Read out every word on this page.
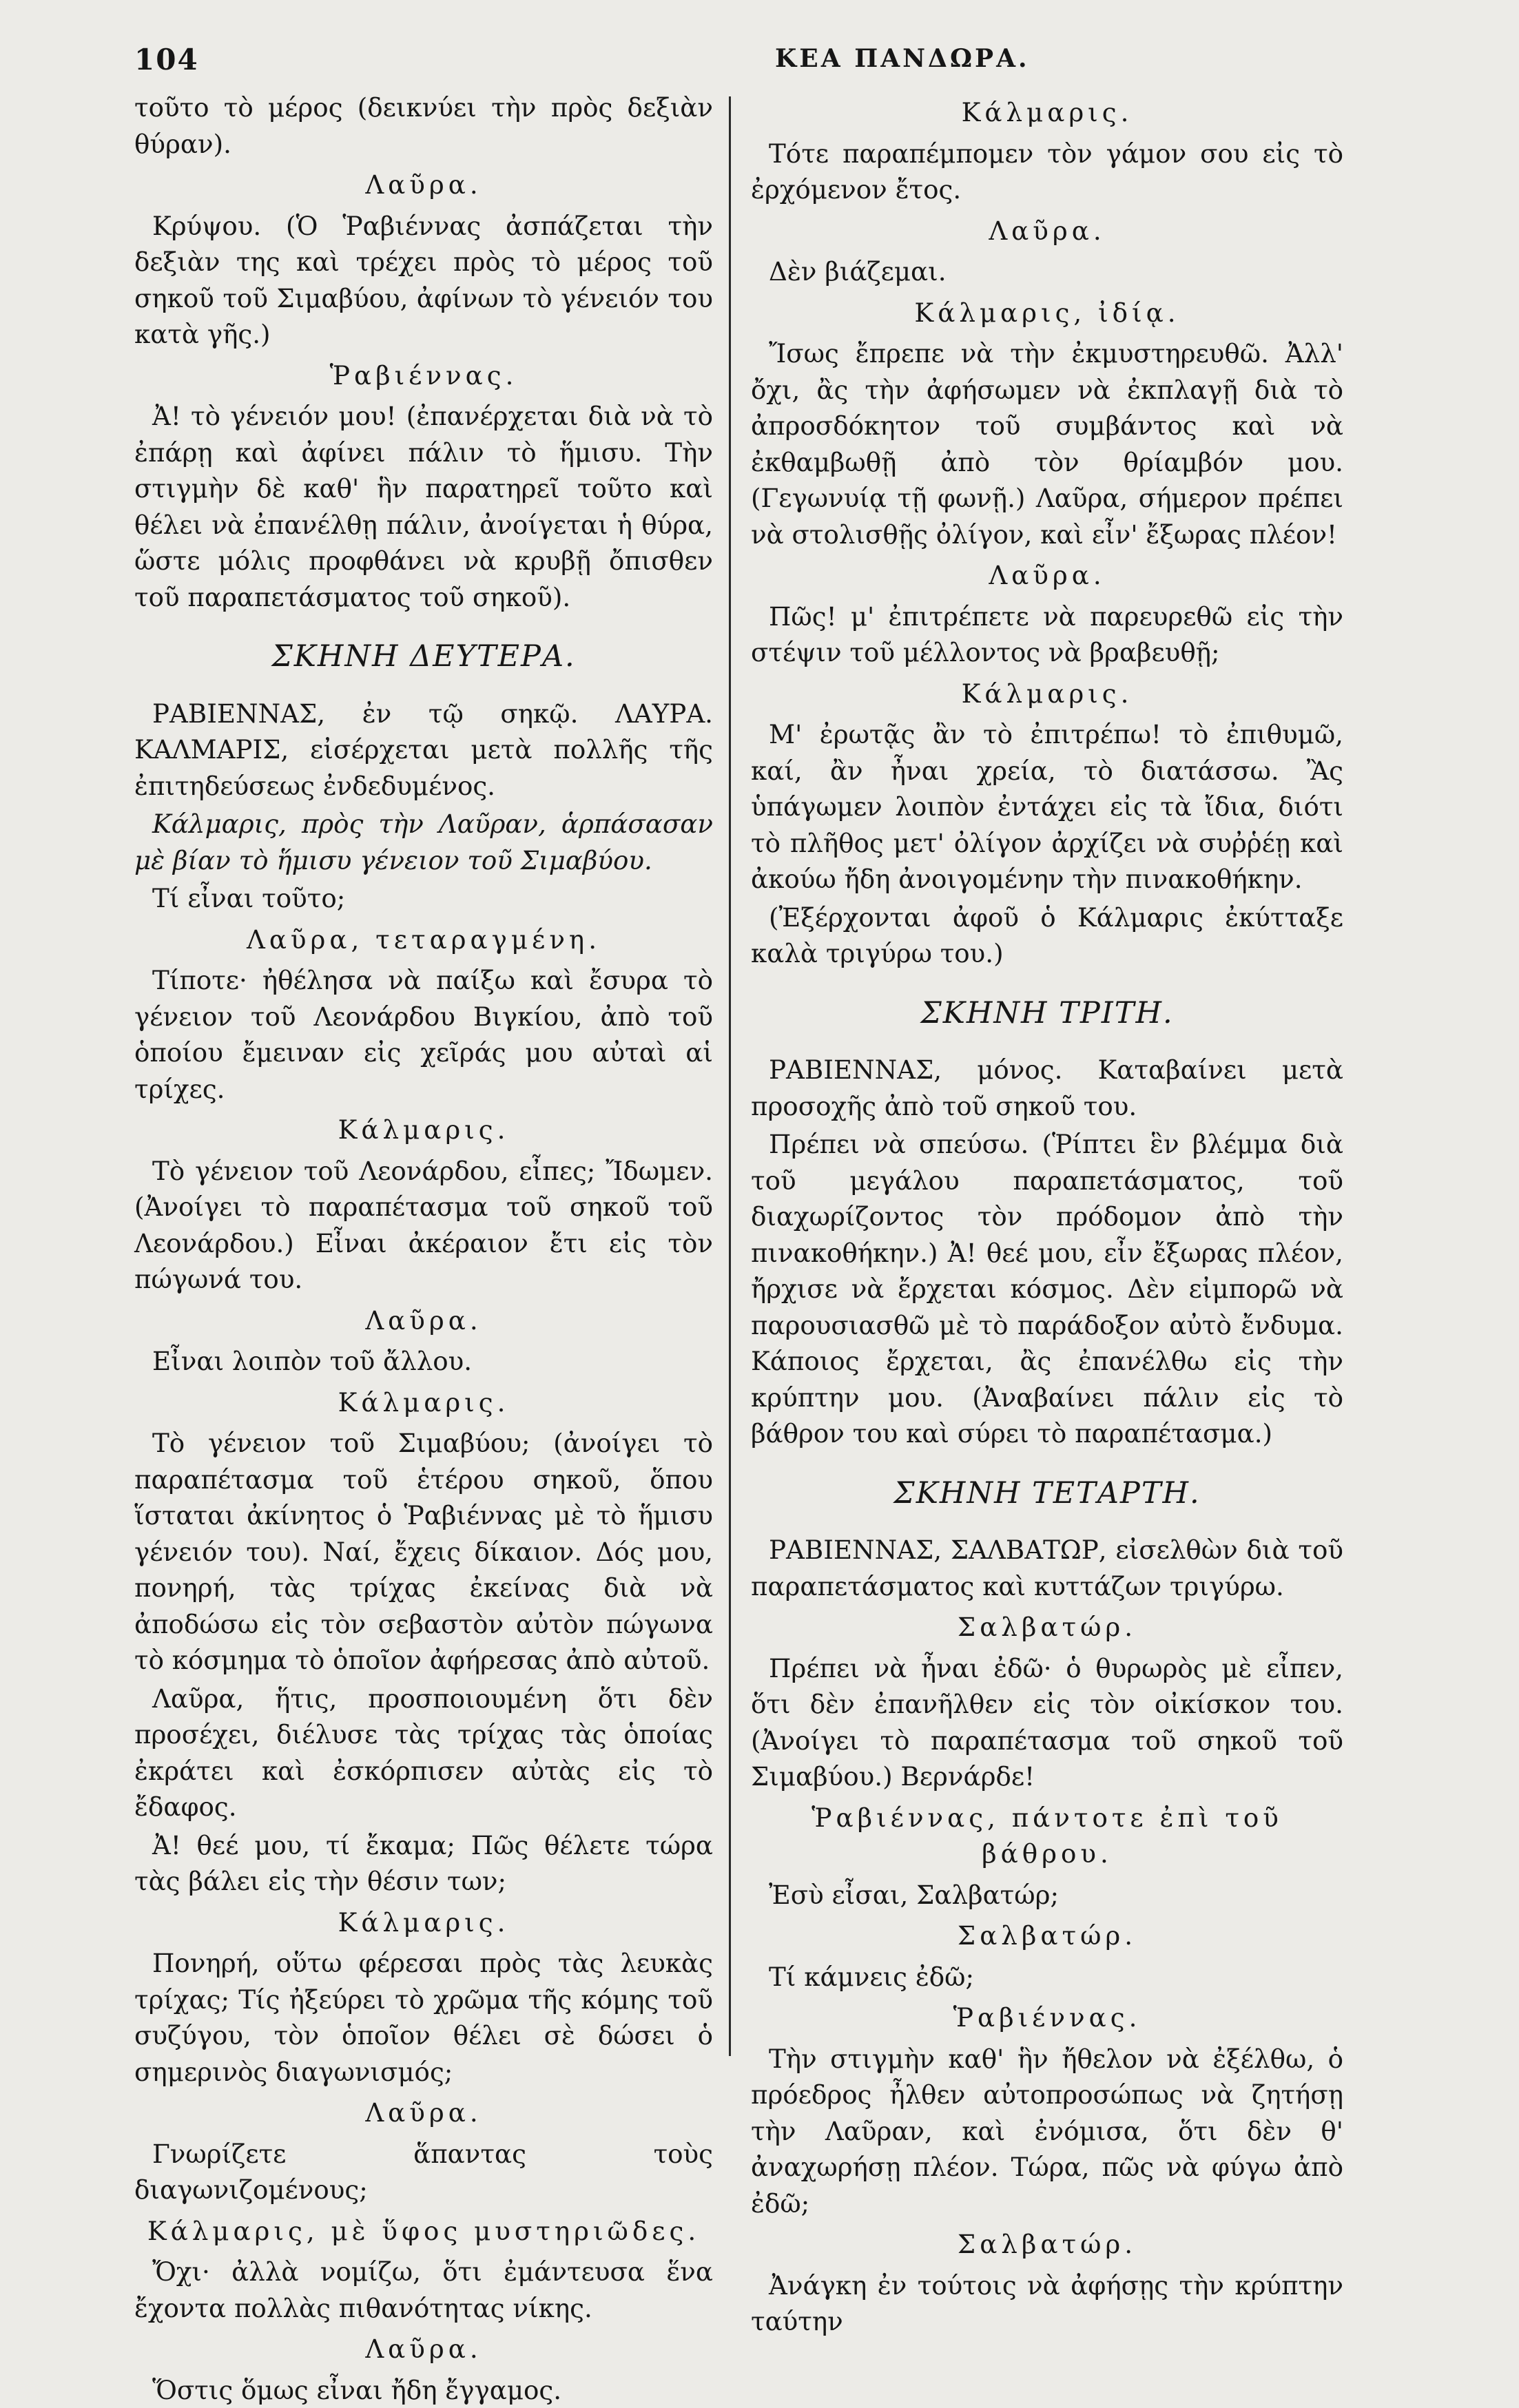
104	ΚΕΑ ΠΑΝΔΩΡΑ.

τοῦτο τὸ μέρος (δεικνύει τὴν πρὸς δεξιὰν θύραν).

Λαῦρα.

Κρύψου. (Ὁ Ῥαβιέννας ἀσπάζεται τὴν δεξιὰν της καὶ τρέχει πρὸς τὸ μέρος τοῦ σηκοῦ τοῦ Σιμαβύου, ἀφίνων τὸ γένειόν του κατὰ γῆς.)

Ῥαβιέννας.

Ἀ! τὸ γένειόν μου! (ἐπανέρχεται διὰ νὰ τὸ ἐπάρῃ καὶ ἀφίνει πάλιν τὸ ἥμισυ. Τὴν στιγμὴν δὲ καθ' ἣν παρατηρεῖ τοῦτο καὶ θέλει νὰ ἐπανέλθῃ πάλιν, ἀνοίγεται ἡ θύρα, ὥστε μόλις προφθάνει νὰ κρυβῇ ὄπισθεν τοῦ παραπετάσματος τοῦ σηκοῦ).

ΣΚΗΝΗ ΔΕΥΤΕΡΑ.

ΡΑΒΙΕΝΝΑΣ, ἐν τῷ σηκῷ. ΛΑΥΡΑ. ΚΑΛΜΑΡΙΣ, εἰσέρχεται μετὰ πολλῆς τῆς ἐπιτηδεύσεως ἐνδεδυμένος.

Κάλμαρις, πρὸς τὴν Λαῦραν, ἁρπάσασαν μὲ βίαν τὸ ἥμισυ γένειον τοῦ Σιμαβύου.

Τί εἶναι τοῦτο;

Λαῦρα, τεταραγμένη.

Τίποτε· ἠθέλησα νὰ παίξω καὶ ἔσυρα τὸ γένειον τοῦ Λεονάρδου Βιγκίου, ἀπὸ τοῦ ὁποίου ἔμειναν εἰς χεῖράς μου αὐταὶ αἱ τρίχες.

Κάλμαρις.

Τὸ γένειον τοῦ Λεονάρδου, εἶπες; Ἴδωμεν. (Ἀνοίγει τὸ παραπέτασμα τοῦ σηκοῦ τοῦ Λεονάρδου.) Εἶναι ἀκέραιον ἔτι εἰς τὸν πώγωνά του.

Λαῦρα.

Εἶναι λοιπὸν τοῦ ἄλλου.

Κάλμαρις.

Τὸ γένειον τοῦ Σιμαβύου; (ἀνοίγει τὸ παραπέτασμα τοῦ ἑτέρου σηκοῦ, ὅπου ἵσταται ἀκίνητος ὁ Ῥαβιέννας μὲ τὸ ἥμισυ γένειόν του). Ναί, ἔχεις δίκαιον. Δός μου, πονηρή, τὰς τρίχας ἐκείνας διὰ νὰ ἀποδώσω εἰς τὸν σεβαστὸν αὐτὸν πώγωνα τὸ κόσμημα τὸ ὁποῖον ἀφήρεσας ἀπὸ αὐτοῦ.

Λαῦρα, ἥτις, προσποιουμένη ὅτι δὲν προσέχει, διέλυσε τὰς τρίχας τὰς ὁποίας ἐκράτει καὶ ἐσκόρπισεν αὐτὰς εἰς τὸ ἔδαφος.

Ἀ! θεέ μου, τί ἔκαμα; Πῶς θέλετε τώρα τὰς βάλει εἰς τὴν θέσιν των;

Κάλμαρις.

Πονηρή, οὕτω φέρεσαι πρὸς τὰς λευκὰς τρίχας; Τίς ἠξεύρει τὸ χρῶμα τῆς κόμης τοῦ συζύγου, τὸν ὁποῖον θέλει σὲ δώσει ὁ σημερινὸς διαγωνισμός;

Λαῦρα.

Γνωρίζετε ἅπαντας τοὺς διαγωνιζομένους;

Κάλμαρις, μὲ ὕφος μυστηριῶδες.

Ὄχι· ἀλλὰ νομίζω, ὅτι ἐμάντευσα ἕνα ἔχοντα πολλὰς πιθανότητας νίκης.

Λαῦρα.

Ὅστις ὅμως εἶναι ἤδη ἔγγαμος.

Κάλμαρις.

Τότε παραπέμπομεν τὸν γάμον σου εἰς τὸ ἐρχόμενον ἔτος.

Λαῦρα.

Δὲν βιάζεμαι.

Κάλμαρις, ἰδίᾳ.

Ἴσως ἔπρεπε νὰ τὴν ἐκμυστηρευθῶ. Ἀλλ' ὄχι, ἂς τὴν ἀφήσωμεν νὰ ἐκπλαγῇ διὰ τὸ ἀπροσδόκητον τοῦ συμβάντος καὶ νὰ ἐκθαμβωθῇ ἀπὸ τὸν θρίαμβόν μου. (Γεγωνυίᾳ τῇ φωνῇ.) Λαῦρα, σήμερον πρέπει νὰ στολισθῇς ὀλίγον, καὶ εἶν' ἔξωρας πλέον!

Λαῦρα.

Πῶς! μ' ἐπιτρέπετε νὰ παρευρεθῶ εἰς τὴν στέψιν τοῦ μέλλοντος νὰ βραβευθῇ;

Κάλμαρις.

Μ' ἐρωτᾷς ἂν τὸ ἐπιτρέπω! τὸ ἐπιθυμῶ, καί, ἂν ἦναι χρεία, τὸ διατάσσω. Ἂς ὑπάγωμεν λοιπὸν ἐντάχει εἰς τὰ ἴδια, διότι τὸ πλῆθος μετ' ὀλίγον ἀρχίζει νὰ συῤῥέῃ καὶ ἀκούω ἤδη ἀνοιγομένην τὴν πινακοθήκην.

(Ἐξέρχονται ἀφοῦ ὁ Κάλμαρις ἐκύτταξε καλὰ τριγύρω του.)

ΣΚΗΝΗ ΤΡΙΤΗ.

ΡΑΒΙΕΝΝΑΣ, μόνος. Καταβαίνει μετὰ προσοχῆς ἀπὸ τοῦ σηκοῦ του.

Πρέπει νὰ σπεύσω. (Ῥίπτει ἓν βλέμμα διὰ τοῦ μεγάλου παραπετάσματος, τοῦ διαχωρίζοντος τὸν πρόδομον ἀπὸ τὴν πινακοθήκην.) Ἀ! θεέ μου, εἶν ἔξωρας πλέον, ἤρχισε νὰ ἔρχεται κόσμος. Δὲν εἰμπορῶ νὰ παρουσιασθῶ μὲ τὸ παράδοξον αὐτὸ ἔνδυμα. Κάποιος ἔρχεται, ἂς ἐπανέλθω εἰς τὴν κρύπτην μου. (Ἀναβαίνει πάλιν εἰς τὸ βάθρον του καὶ σύρει τὸ παραπέτασμα.)

ΣΚΗΝΗ ΤΕΤΑΡΤΗ.

ΡΑΒΙΕΝΝΑΣ, ΣΑΛΒΑΤΩΡ, εἰσελθὼν διὰ τοῦ παραπετάσματος καὶ κυττάζων τριγύρω.

Σαλβατώρ.

Πρέπει νὰ ἦναι ἐδῶ· ὁ θυρωρὸς μὲ εἶπεν, ὅτι δὲν ἐπανῆλθεν εἰς τὸν οἰκίσκον του. (Ἀνοίγει τὸ παραπέτασμα τοῦ σηκοῦ τοῦ Σιμαβύου.) Βερνάρδε!

Ῥαβιέννας, πάντοτε ἐπὶ τοῦ βάθρου.

Ἐσὺ εἶσαι, Σαλβατώρ;

Σαλβατώρ.

Τί κάμνεις ἐδῶ;

Ῥαβιέννας.

Τὴν στιγμὴν καθ' ἣν ἤθελον νὰ ἐξέλθω, ὁ πρόεδρος ἦλθεν αὐτοπροσώπως νὰ ζητήσῃ τὴν Λαῦραν, καὶ ἐνόμισα, ὅτι δὲν θ' ἀναχωρήσῃ πλέον. Τώρα, πῶς νὰ φύγω ἀπὸ ἐδῶ;

Σαλβατώρ.

Ἀνάγκη ἐν τούτοις νὰ ἀφήσῃς τὴν κρύπτην ταύτην
